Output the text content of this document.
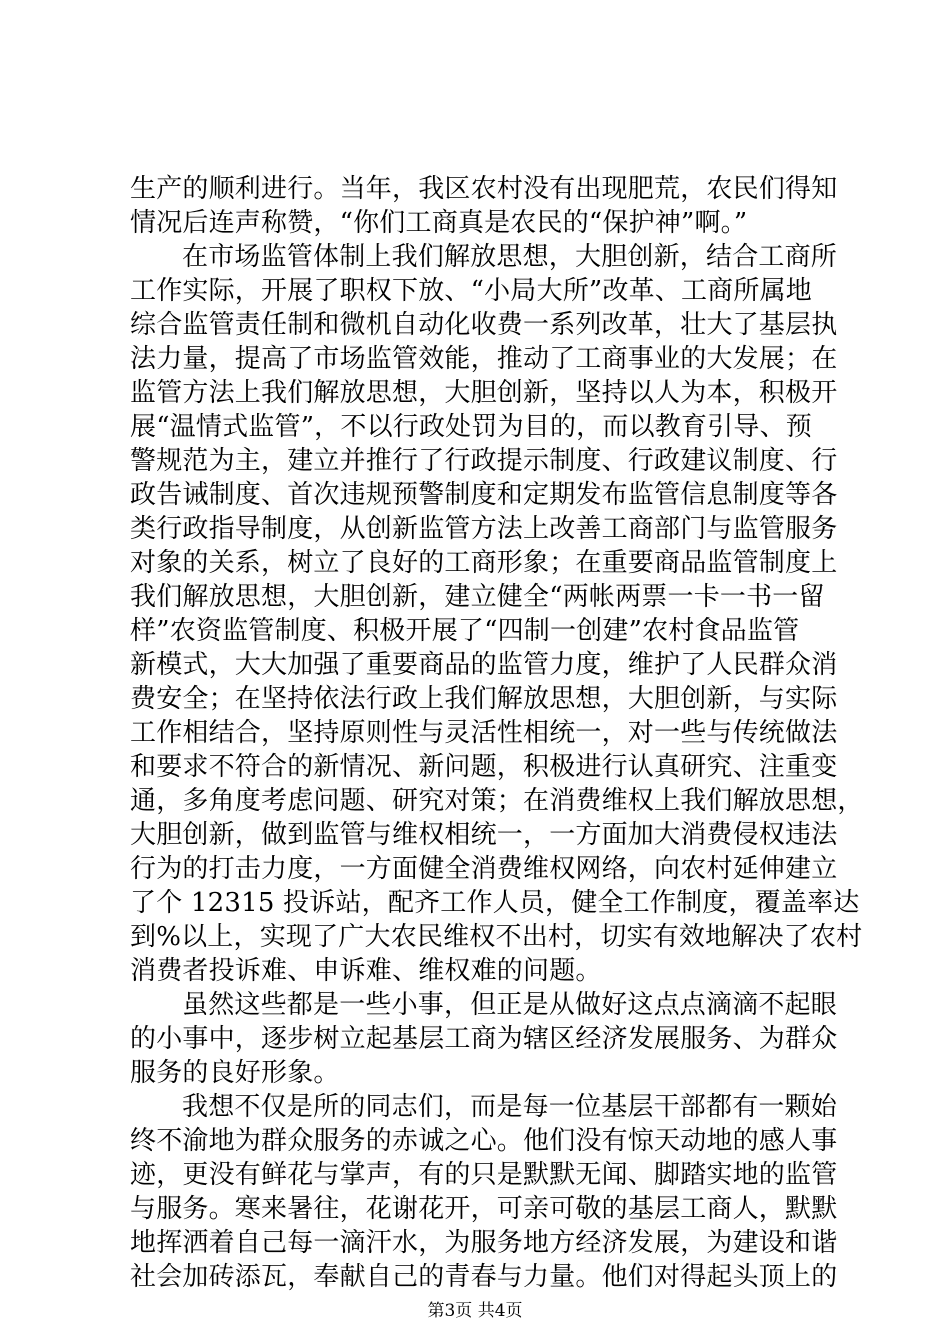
生产的顺利进行。当年，我区农村没有出现肥荒，农民们得知
情况后连声称赞，“你们工商真是农民的“保护神”啊。”
在市场监管体制上我们解放思想，大胆创新，结合工商所
工作实际，开展了职权下放、“小局大所”改革、工商所属地
综合监管责任制和微机自动化收费一系列改革，壮大了基层执
法力量，提高了市场监管效能，推动了工商事业的大发展；在
监管方法上我们解放思想，大胆创新，坚持以人为本，积极开
展“温情式监管”，不以行政处罚为目的，而以教育引导、预
警规范为主，建立并推行了行政提示制度、行政建议制度、行
政告诫制度、首次违规预警制度和定期发布监管信息制度等各
类行政指导制度，从创新监管方法上改善工商部门与监管服务
对象的关系，树立了良好的工商形象；在重要商品监管制度上
我们解放思想，大胆创新，建立健全“两帐两票一卡一书一留
样”农资监管制度、积极开展了“四制一创建”农村食品监管
新模式，大大加强了重要商品的监管力度，维护了人民群众消
费安全；在坚持依法行政上我们解放思想，大胆创新，与实际
工作相结合，坚持原则性与灵活性相统一，对一些与传统做法
和要求不符合的新情况、新问题，积极进行认真研究、注重变
通，多角度考虑问题、研究对策；在消费维权上我们解放思想，
大胆创新，做到监管与维权相统一，一方面加大消费侵权违法
行为的打击力度，一方面健全消费维权网络，向农村延伸建立
了个 12315 投诉站，配齐工作人员，健全工作制度，覆盖率达
到%以上，实现了广大农民维权不出村，切实有效地解决了农村
消费者投诉难、申诉难、维权难的问题。
虽然这些都是一些小事，但正是从做好这点点滴滴不起眼
的小事中，逐步树立起基层工商为辖区经济发展服务、为群众
服务的良好形象。
我想不仅是所的同志们，而是每一位基层干部都有一颗始
终不渝地为群众服务的赤诚之心。他们没有惊天动地的感人事
迹，更没有鲜花与掌声，有的只是默默无闻、脚踏实地的监管
与服务。寒来暑往，花谢花开，可亲可敬的基层工商人，默默
地挥洒着自己每一滴汗水，为服务地方经济发展，为建设和谐
社会加砖添瓦，奉献自己的青春与力量。他们对得起头顶上的
第3页 共4页
